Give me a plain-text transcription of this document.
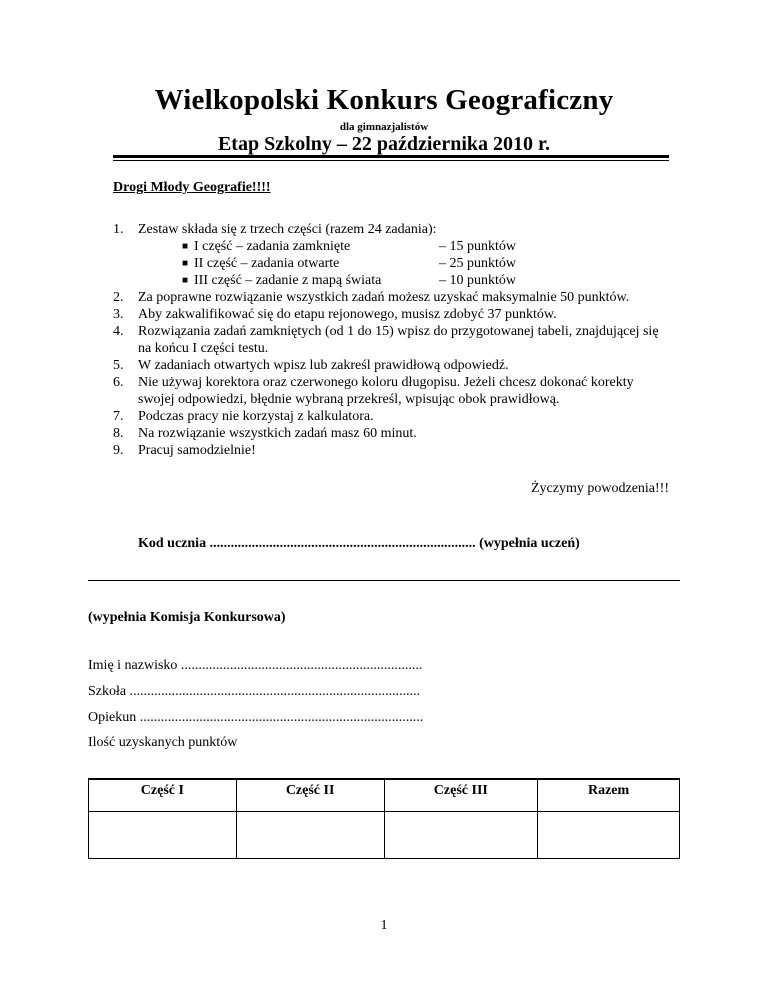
Wielkopolski Konkurs Geograficzny
dla gimnazjalistów
Etap Szkolny – 22 października 2010 r.
Drogi Młody Geografie!!!!
1. Zestaw składa się z trzech części (razem 24 zadania):
■ I część – zadania zamknięte	– 15 punktów
■ II część – zadania otwarte	– 25 punktów
■ III część – zadanie z mapą świata	– 10 punktów
2. Za poprawne rozwiązanie wszystkich zadań możesz uzyskać maksymalnie 50 punktów.
3. Aby zakwalifikować się do etapu rejonowego, musisz zdobyć 37 punktów.
4. Rozwiązania zadań zamkniętych (od 1 do 15) wpisz do przygotowanej tabeli, znajdującej się na końcu I części testu.
5. W zadaniach otwartych wpisz lub zakreśl prawidłową odpowiedź.
6. Nie używaj korektora oraz czerwonego koloru długopisu. Jeżeli chcesz dokonać korekty swojej odpowiedzi, błędnie wybraną przekreśl, wpisując obok prawidłową.
7. Podczas pracy nie korzystaj z kalkulatora.
8. Na rozwiązanie wszystkich zadań masz 60 minut.
9. Pracuj samodzielnie!
Życzymy powodzenia!!!
Kod ucznia ............................................................................ (wypełnia uczeń)
(wypełnia Komisja Konkursowa)
Imię i nazwisko .....................................................................
Szkoła ...................................................................................
Opiekun .................................................................................
Ilość uzyskanych punktów
Część I	Część II	Część III	Razem

1
